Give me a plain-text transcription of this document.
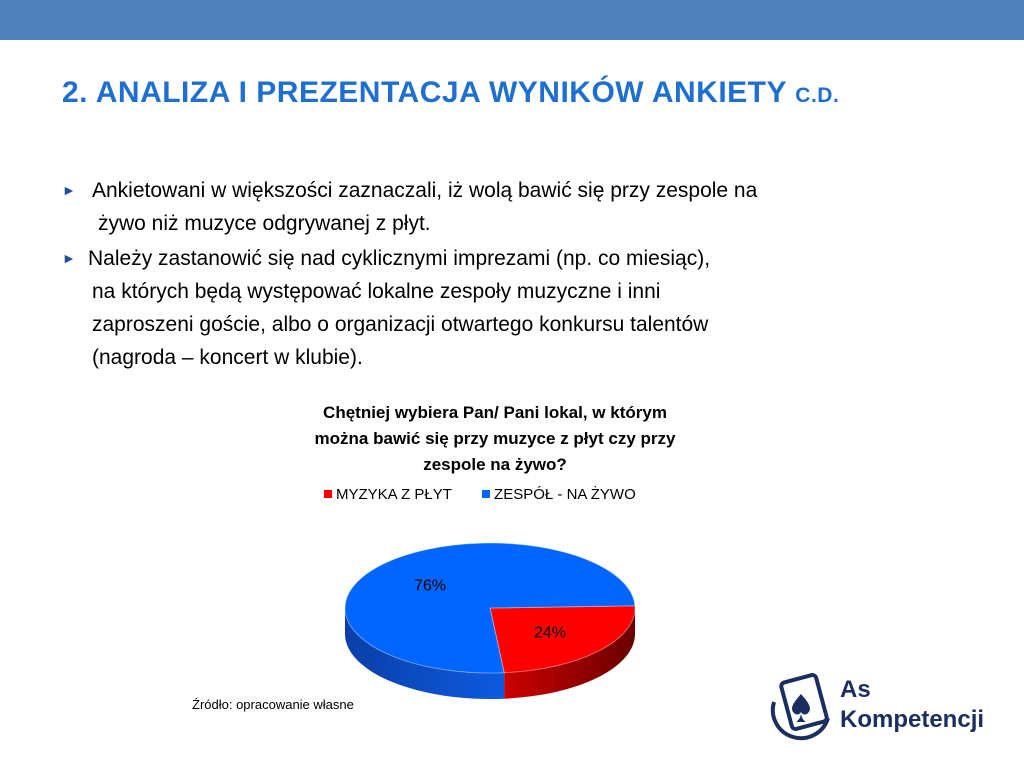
2. ANALIZA I PREZENTACJA WYNIKÓW ANKIETY C.D.
► Ankietowani w większości zaznaczali, iż wolą bawić się przy zespole na
żywo niż muzyce odgrywanej z płyt.
► Należy zastanowić się nad cyklicznymi imprezami (np. co miesiąc),
na których będą występować lokalne zespoły muzyczne i inni
zaproszeni goście, albo o organizacji otwartego konkursu talentów
(nagroda – koncert w klubie).
Chętniej wybiera Pan/ Pani lokal, w którym
można bawić się przy muzyce z płyt czy przy
zespole na żywo?
MYZYKA Z PŁYT
	ZESPÓŁ - NA ŻYWO
24%
76%
Źródło: opracowanie własne
As
Kompetencji
